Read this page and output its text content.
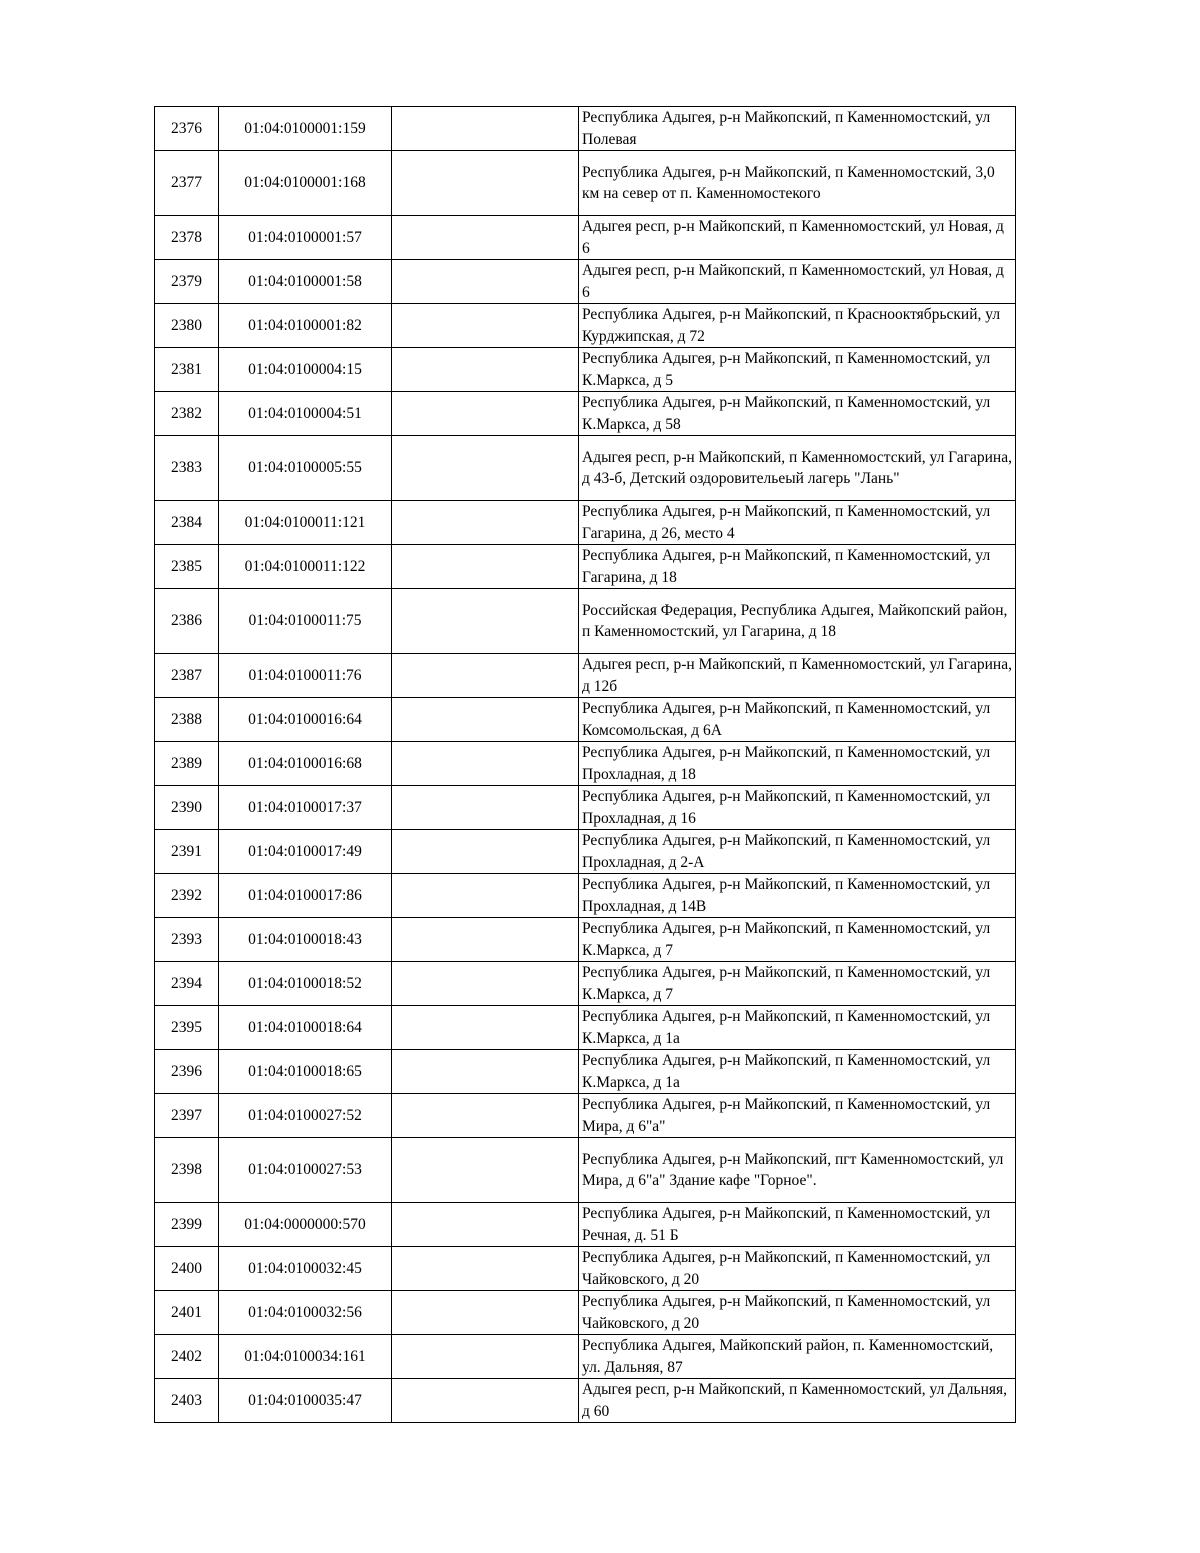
2376	01:04:0100001:159		Республика Адыгея, р-н Майкопский, п Каменномостский, ул Полевая
2377	01:04:0100001:168		Республика Адыгея, р-н Майкопский, п Каменномостский, 3,0 км на север от п. Каменномостекого
2378	01:04:0100001:57		Адыгея респ, р-н Майкопский, п Каменномостский, ул Новая, д 6
2379	01:04:0100001:58		Адыгея респ, р-н Майкопский, п Каменномостский, ул Новая, д 6
2380	01:04:0100001:82		Республика Адыгея, р-н Майкопский, п Краснооктябрьский, ул Курджипская, д 72
2381	01:04:0100004:15		Республика Адыгея, р-н Майкопский, п Каменномостский, ул К.Маркса, д 5
2382	01:04:0100004:51		Республика Адыгея, р-н Майкопский, п Каменномостский, ул К.Маркса, д 58
2383	01:04:0100005:55		Адыгея респ, р-н Майкопский, п Каменномостский, ул Гагарина, д 43-б, Детский оздоровительеый лагерь "Лань"
2384	01:04:0100011:121		Республика Адыгея, р-н Майкопский, п Каменномостский, ул Гагарина, д 26, место 4
2385	01:04:0100011:122		Республика Адыгея, р-н Майкопский, п Каменномостский, ул Гагарина, д 18
2386	01:04:0100011:75		Российская Федерация, Республика Адыгея, Майкопский район, п Каменномостский, ул Гагарина, д 18
2387	01:04:0100011:76		Адыгея респ, р-н Майкопский, п Каменномостский, ул Гагарина, д 12б
2388	01:04:0100016:64		Республика Адыгея, р-н Майкопский, п Каменномостский, ул Комсомольская, д 6А
2389	01:04:0100016:68		Республика Адыгея, р-н Майкопский, п Каменномостский, ул Прохладная, д 18
2390	01:04:0100017:37		Республика Адыгея, р-н Майкопский, п Каменномостский, ул Прохладная, д 16
2391	01:04:0100017:49		Республика Адыгея, р-н Майкопский, п Каменномостский, ул Прохладная, д 2-А
2392	01:04:0100017:86		Республика Адыгея, р-н Майкопский, п Каменномостский, ул Прохладная, д 14В
2393	01:04:0100018:43		Республика Адыгея, р-н Майкопский, п Каменномостский, ул К.Маркса, д 7
2394	01:04:0100018:52		Республика Адыгея, р-н Майкопский, п Каменномостский, ул К.Маркса, д 7
2395	01:04:0100018:64		Республика Адыгея, р-н Майкопский, п Каменномостский, ул К.Маркса, д 1а
2396	01:04:0100018:65		Республика Адыгея, р-н Майкопский, п Каменномостский, ул К.Маркса, д 1а
2397	01:04:0100027:52		Республика Адыгея, р-н Майкопский, п Каменномостский, ул Мира, д 6"а"
2398	01:04:0100027:53		Республика Адыгея, р-н Майкопский, пгт Каменномостский, ул Мира, д 6"а" Здание кафе "Горное".
2399	01:04:0000000:570		Республика Адыгея, р-н Майкопский, п Каменномостский, ул Речная, д. 51 Б
2400	01:04:0100032:45		Республика Адыгея, р-н Майкопский, п Каменномостский, ул Чайковского, д 20
2401	01:04:0100032:56		Республика Адыгея, р-н Майкопский, п Каменномостский, ул Чайковского, д 20
2402	01:04:0100034:161		Республика Адыгея, Майкопский район, п. Каменномостский, ул. Дальняя, 87
2403	01:04:0100035:47		Адыгея респ, р-н Майкопский, п Каменномостский, ул Дальняя, д 60
